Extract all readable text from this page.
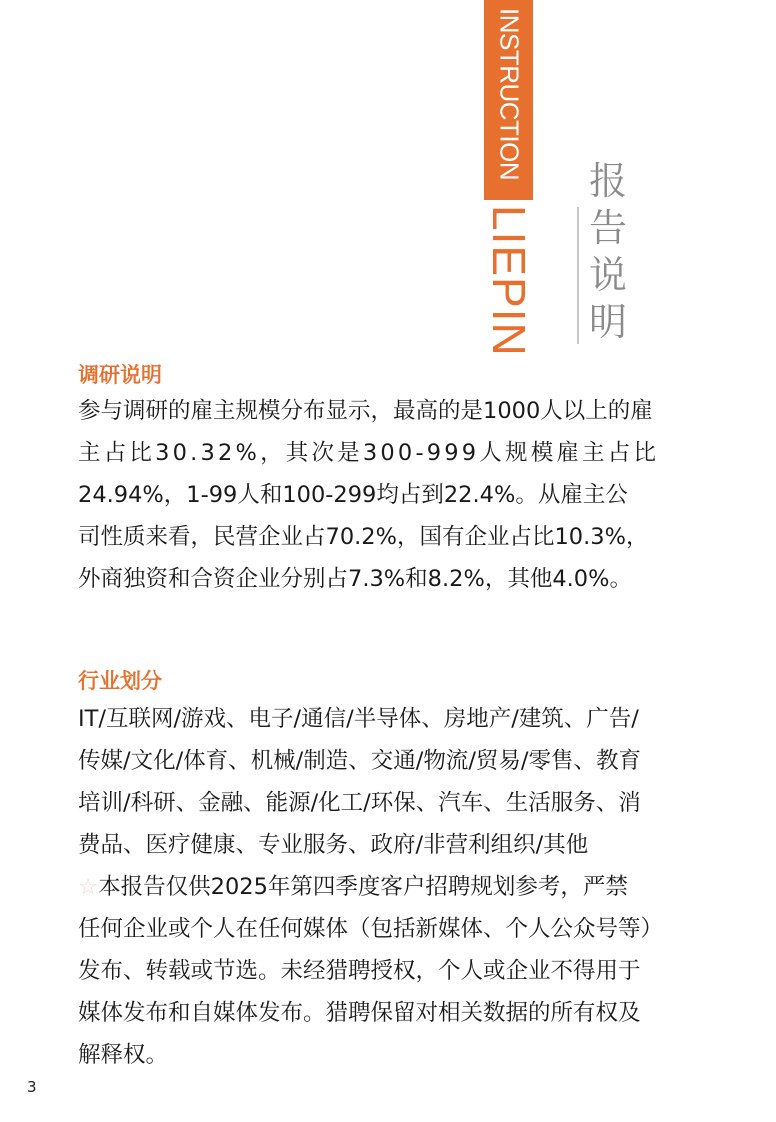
INSTRUCTION
LIEPIN
报
告
说
明
调研说明
参与调研的雇主规模分布显示，最高的是1000人以上的雇
主占比30.32%，其次是300-999人规模雇主占比
24.94%，1-99人和100-299均占到22.4%。从雇主公
司性质来看，民营企业占70.2%，国有企业占比10.3%，
外商独资和合资企业分别占7.3%和8.2%，其他4.0%。
行业划分
IT/互联网/游戏、电子/通信/半导体、房地产/建筑、广告/
传媒/文化/体育、机械/制造、交通/物流/贸易/零售、教育
培训/科研、金融、能源/化工/环保、汽车、生活服务、消
费品、医疗健康、专业服务、政府/非营利组织/其他
☆本报告仅供2025年第四季度客户招聘规划参考，严禁
任何企业或个人在任何媒体（包括新媒体、个人公众号等）
发布、转载或节选。未经猎聘授权，个人或企业不得用于
媒体发布和自媒体发布。猎聘保留对相关数据的所有权及
解释权。
3
